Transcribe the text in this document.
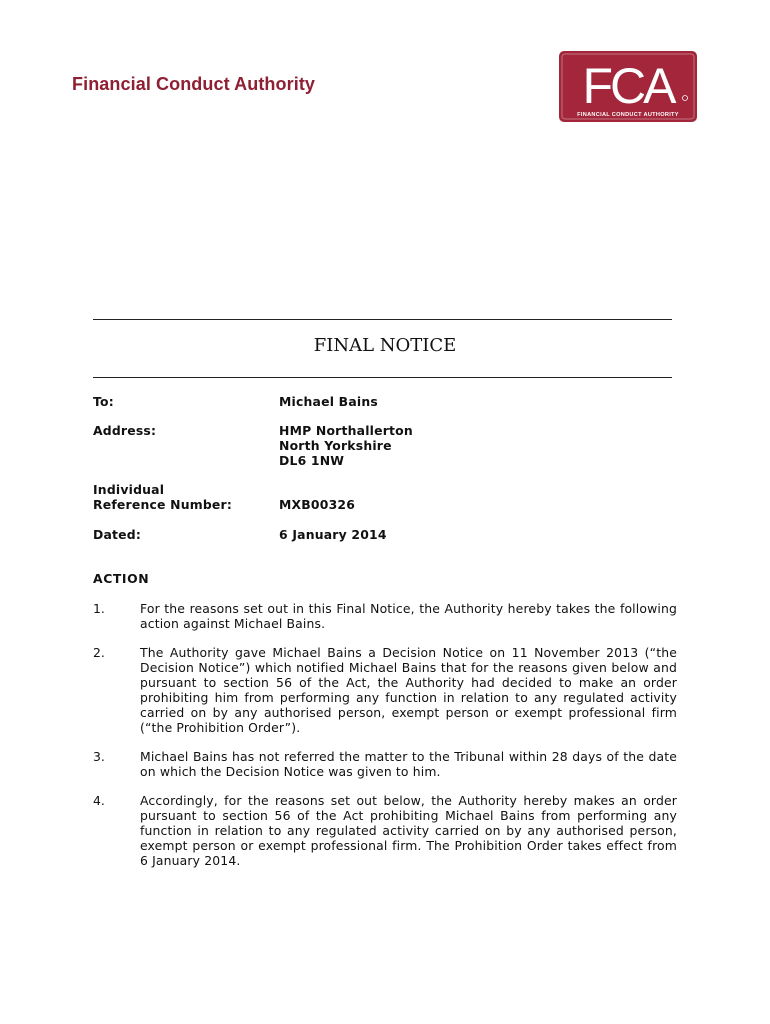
Financial Conduct Authority	FCA
FINANCIAL CONDUCT AUTHORITY
FINAL NOTICE
To:	Michael Bains
Address:	HMP Northallerton
North Yorkshire
DL6 1NW
Individual
Reference Number:	MXB00326
Dated:	6 January 2014
ACTION
1.	For the reasons set out in this Final Notice, the Authority hereby takes the following action against Michael Bains.
2.	The Authority gave Michael Bains a Decision Notice on 11 November 2013 (“the Decision Notice”) which notified Michael Bains that for the reasons given below and pursuant to section 56 of the Act, the Authority had decided to make an order prohibiting him from performing any function in relation to any regulated activity carried on by any authorised person, exempt person or exempt professional firm (“the Prohibition Order”).
3.	Michael Bains has not referred the matter to the Tribunal within 28 days of the date on which the Decision Notice was given to him.
4.	Accordingly, for the reasons set out below, the Authority hereby makes an order pursuant to section 56 of the Act prohibiting Michael Bains from performing any function in relation to any regulated activity carried on by any authorised person, exempt person or exempt professional firm. The Prohibition Order takes effect from 6 January 2014.
